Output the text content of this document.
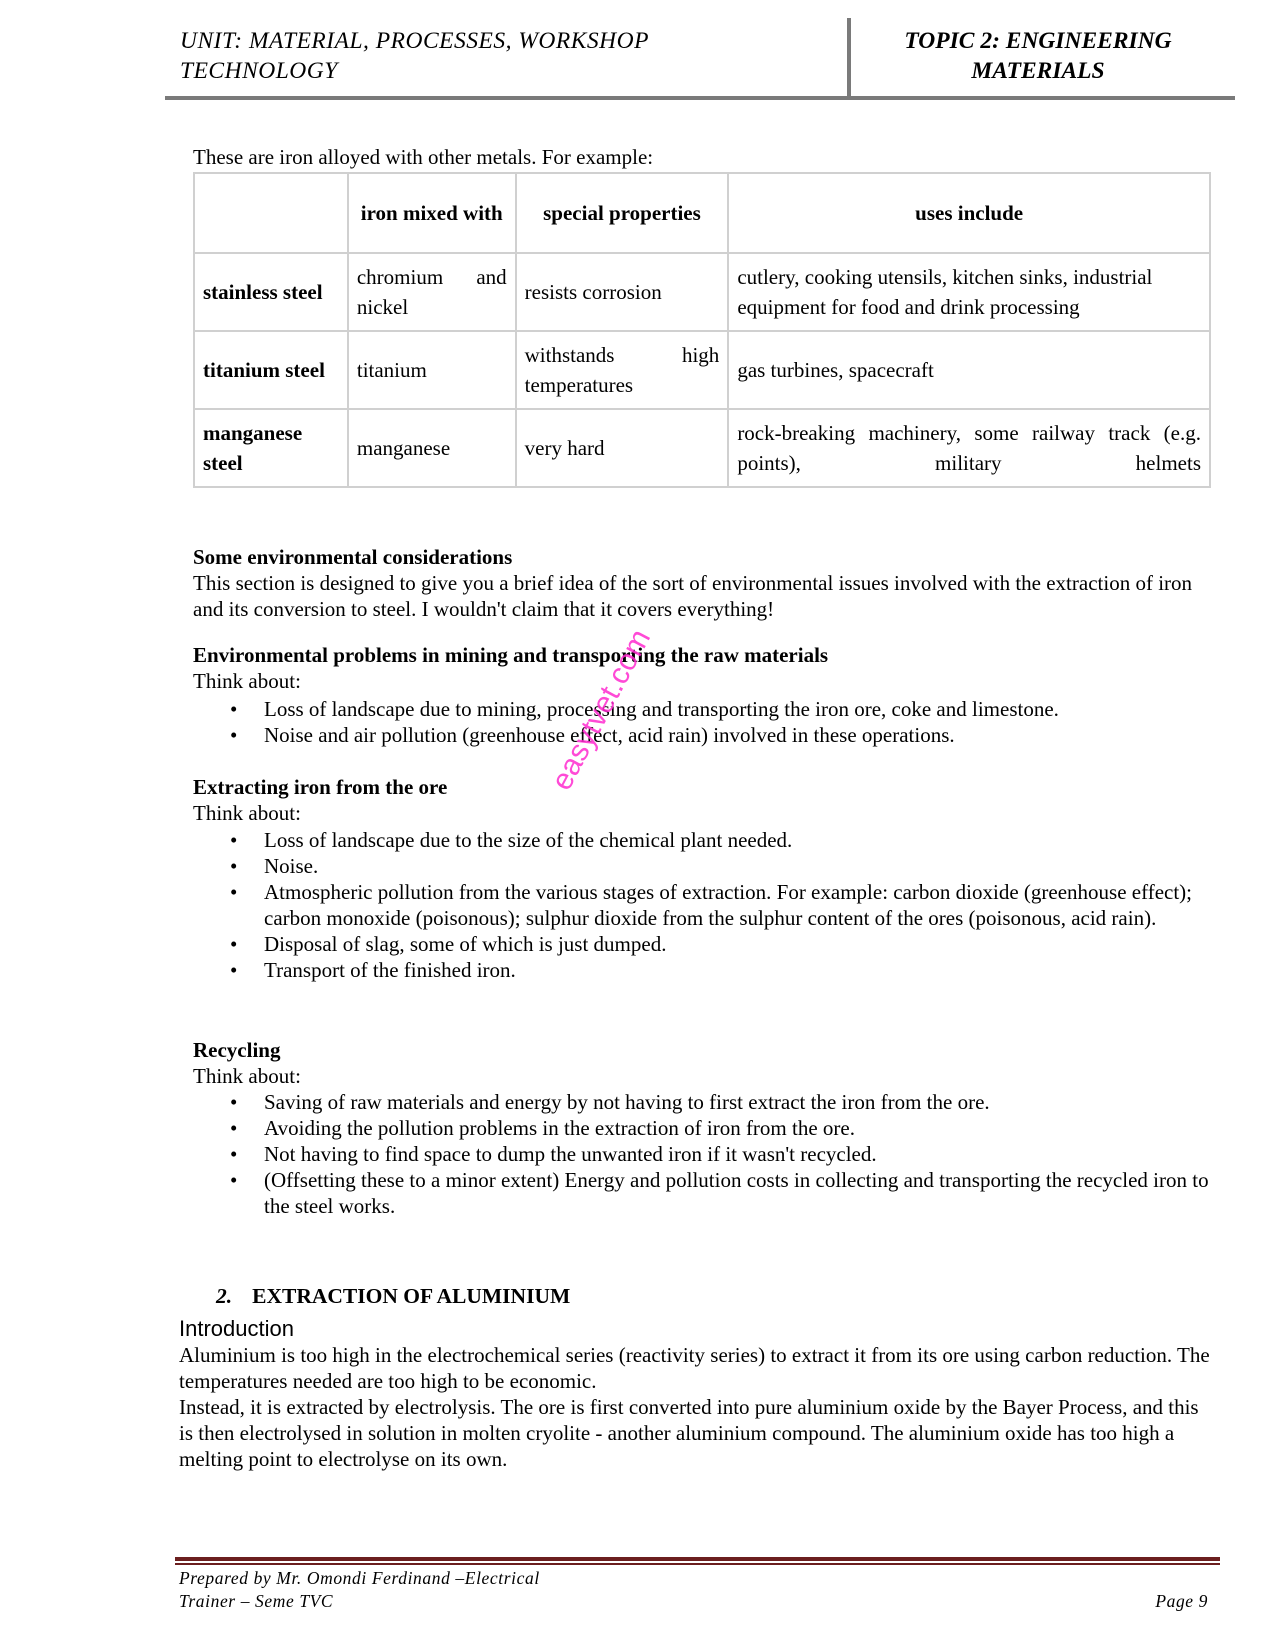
UNIT: MATERIAL, PROCESSES, WORKSHOP
TECHNOLOGY
TOPIC 2: ENGINEERING
MATERIALS

These are iron alloyed with other metals. For example:

	iron mixed with	special properties	uses include
stainless steel	chromium and nickel	resists corrosion	cutlery, cooking utensils, kitchen sinks, industrial equipment for food and drink processing
titanium steel	titanium	withstands high temperatures	gas turbines, spacecraft
manganese steel	manganese	very hard	rock-breaking machinery, some railway track (e.g. points), military helmets

Some environmental considerations

This section is designed to give you a brief idea of the sort of environmental issues involved with the extraction of iron and its conversion to steel. I wouldn't claim that it covers everything!

Environmental problems in mining and transporting the raw materials

Think about:

• Loss of landscape due to mining, processing and transporting the iron ore, coke and limestone.
• Noise and air pollution (greenhouse effect, acid rain) involved in these operations.

Extracting iron from the ore

Think about:

• Loss of landscape due to the size of the chemical plant needed.
• Noise.
• Atmospheric pollution from the various stages of extraction. For example: carbon dioxide (greenhouse effect); carbon monoxide (poisonous); sulphur dioxide from the sulphur content of the ores (poisonous, acid rain).
• Disposal of slag, some of which is just dumped.
• Transport of the finished iron.

Recycling

Think about:

• Saving of raw materials and energy by not having to first extract the iron from the ore.
• Avoiding the pollution problems in the extraction of iron from the ore.
• Not having to find space to dump the unwanted iron if it wasn't recycled.
• (Offsetting these to a minor extent) Energy and pollution costs in collecting and transporting the recycled iron to the steel works.
2. EXTRACTION OF ALUMINIUM
Introduction

Aluminium is too high in the electrochemical series (reactivity series) to extract it from its ore using carbon reduction. The temperatures needed are too high to be economic.

Instead, it is extracted by electrolysis. The ore is first converted into pure aluminium oxide by the Bayer Process, and this is then electrolysed in solution in molten cryolite - another aluminium compound. The aluminium oxide has too high a melting point to electrolyse on its own.

easytvet.com
Prepared by Mr. Omondi Ferdinand –Electrical
Trainer – Seme TVC	Page 9
